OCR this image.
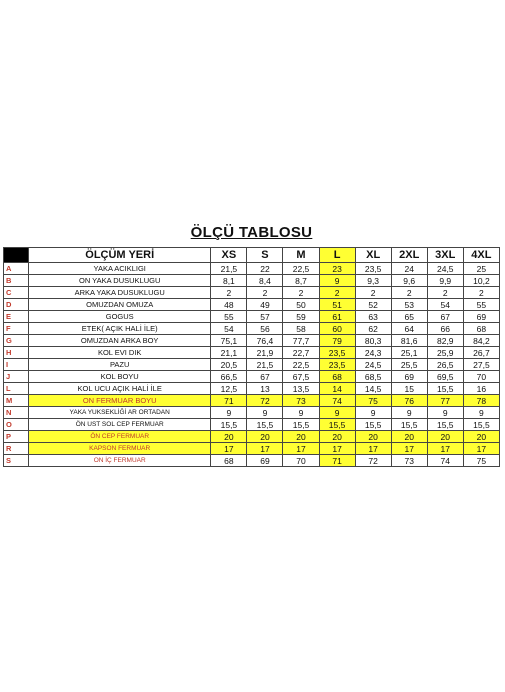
ÖLÇÜ TABLOSU									
	ÖLÇÜM YERİ	XS	S	M	L	XL	2XL	3XL	4XL
A	YAKA ACIKLIGI	21,5	22	22,5	23	23,5	24	24,5	25
B	ON YAKA DUSUKLUGU	8,1	8,4	8,7	9	9,3	9,6	9,9	10,2
C	ARKA YAKA DUSUKLUGU	2	2	2	2	2	2	2	2
D	OMUZDAN OMUZA	48	49	50	51	52	53	54	55
E	GOGUS	55	57	59	61	63	65	67	69
F	ETEK( AÇIK HALİ İLE)	54	56	58	60	62	64	66	68
G	OMUZDAN ARKA BOY	75,1	76,4	77,7	79	80,3	81,6	82,9	84,2
H	KOL EVI DIK	21,1	21,9	22,7	23,5	24,3	25,1	25,9	26,7
I	PAZU	20,5	21,5	22,5	23,5	24,5	25,5	26,5	27,5
J	KOL BOYU	66,5	67	67,5	68	68,5	69	69,5	70
L	KOL UCU AÇIK HALİ İLE	12,5	13	13,5	14	14,5	15	15,5	16
M	ON FERMUAR BOYU	71	72	73	74	75	76	77	78
N	YAKA YUKSEKLİĞİ AR ORTADAN	9	9	9	9	9	9	9	9
O	ÖN UST SOL CEP FERMUAR	15,5	15,5	15,5	15,5	15,5	15,5	15,5	15,5
P	ÖN CEP FERMUAR	20	20	20	20	20	20	20	20
R	KAPSON FERMUAR	17	17	17	17	17	17	17	17
S	ON İÇ FERMUAR	68	69	70	71	72	73	74	75
